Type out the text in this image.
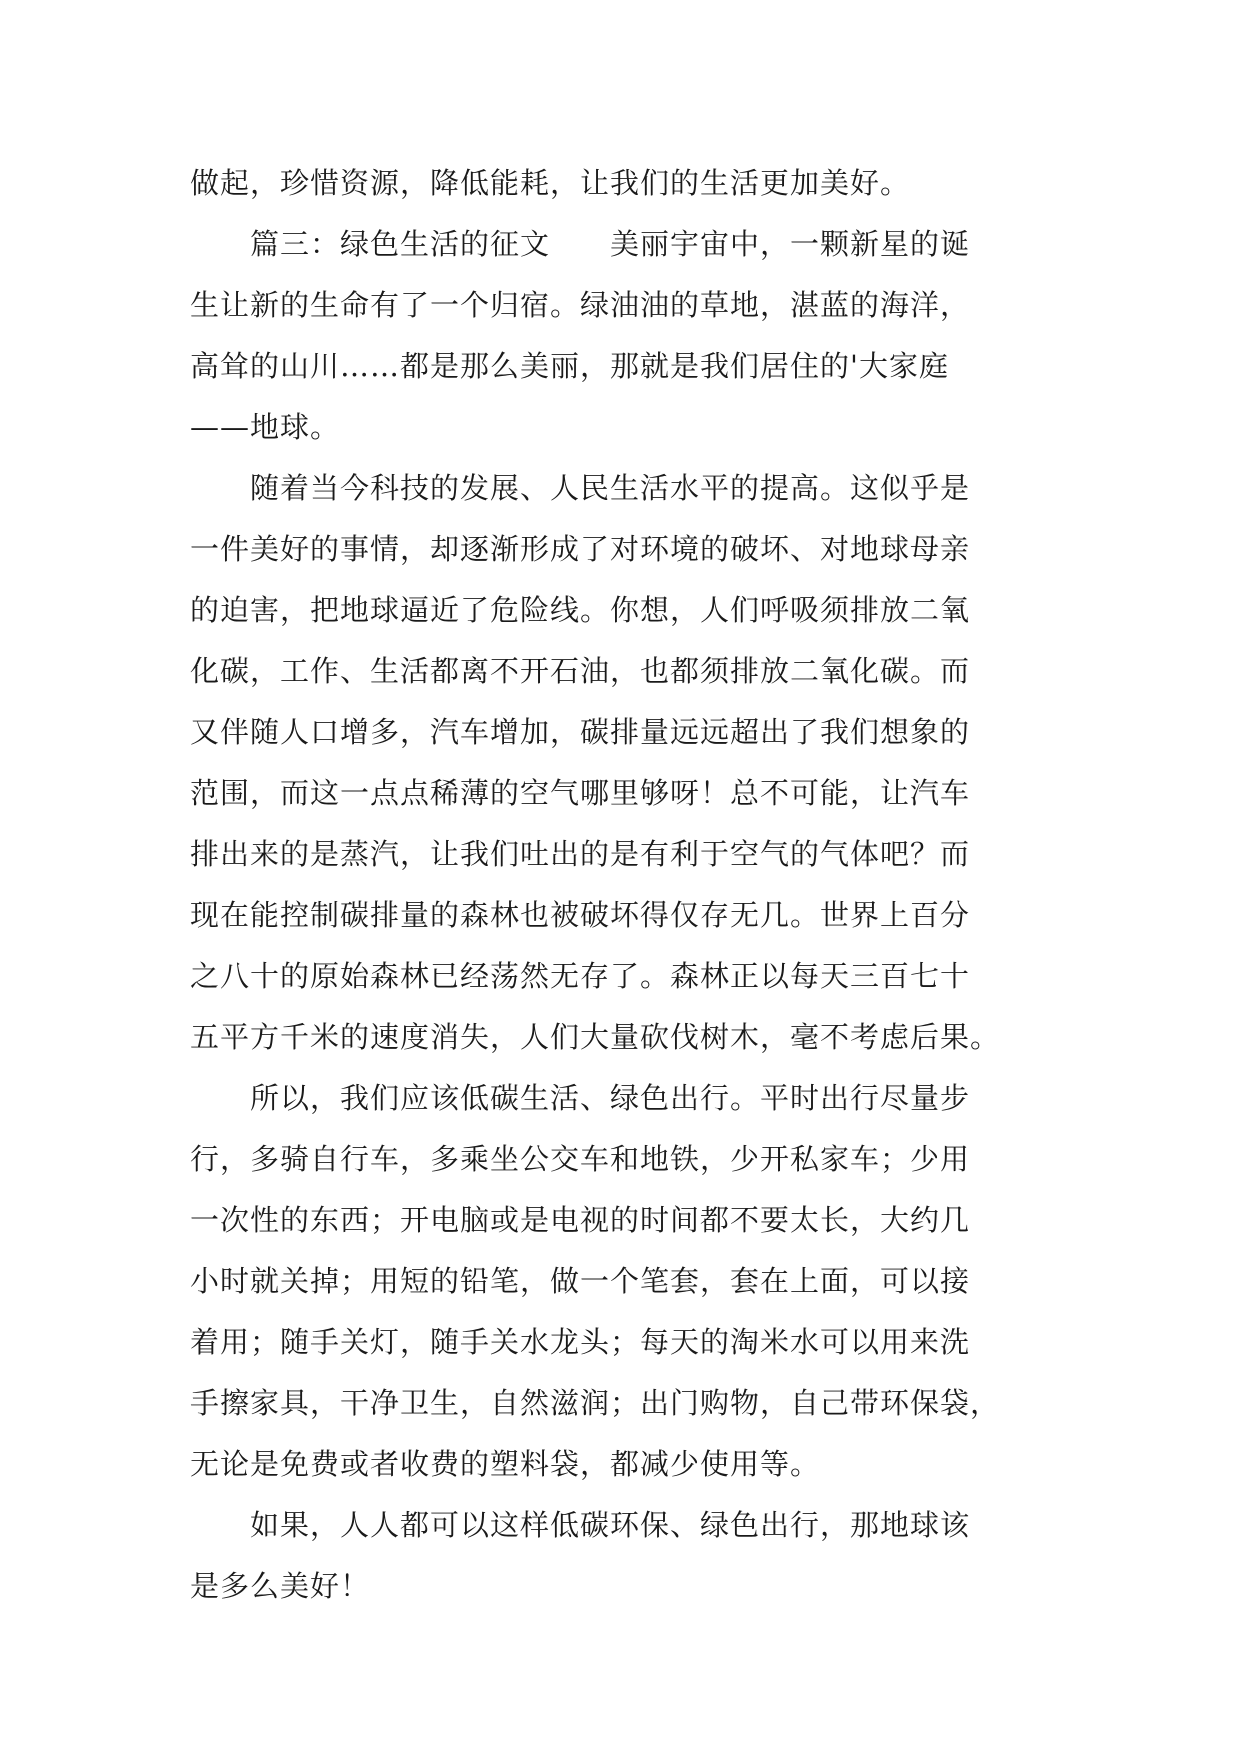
做起，珍惜资源，降低能耗，让我们的生活更加美好。
　　篇三：绿色生活的征文　　美丽宇宙中，一颗新星的诞
生让新的生命有了一个归宿。绿油油的草地，湛蓝的海洋，
高耸的山川……都是那么美丽，那就是我们居住的'大家庭
——地球。
　　随着当今科技的发展、人民生活水平的提高。这似乎是
一件美好的事情，却逐渐形成了对环境的破坏、对地球母亲
的迫害，把地球逼近了危险线。你想，人们呼吸须排放二氧
化碳，工作、生活都离不开石油，也都须排放二氧化碳。而
又伴随人口增多，汽车增加，碳排量远远超出了我们想象的
范围，而这一点点稀薄的空气哪里够呀！总不可能，让汽车
排出来的是蒸汽，让我们吐出的是有利于空气的气体吧？而
现在能控制碳排量的森林也被破坏得仅存无几。世界上百分
之八十的原始森林已经荡然无存了。森林正以每天三百七十
五平方千米的速度消失，人们大量砍伐树木，毫不考虑后果。
　　所以，我们应该低碳生活、绿色出行。平时出行尽量步
行，多骑自行车，多乘坐公交车和地铁，少开私家车；少用
一次性的东西；开电脑或是电视的时间都不要太长，大约几
小时就关掉；用短的铅笔，做一个笔套，套在上面，可以接
着用；随手关灯，随手关水龙头；每天的淘米水可以用来洗
手擦家具，干净卫生，自然滋润；出门购物，自己带环保袋，
无论是免费或者收费的塑料袋，都减少使用等。
　　如果，人人都可以这样低碳环保、绿色出行，那地球该
是多么美好！
